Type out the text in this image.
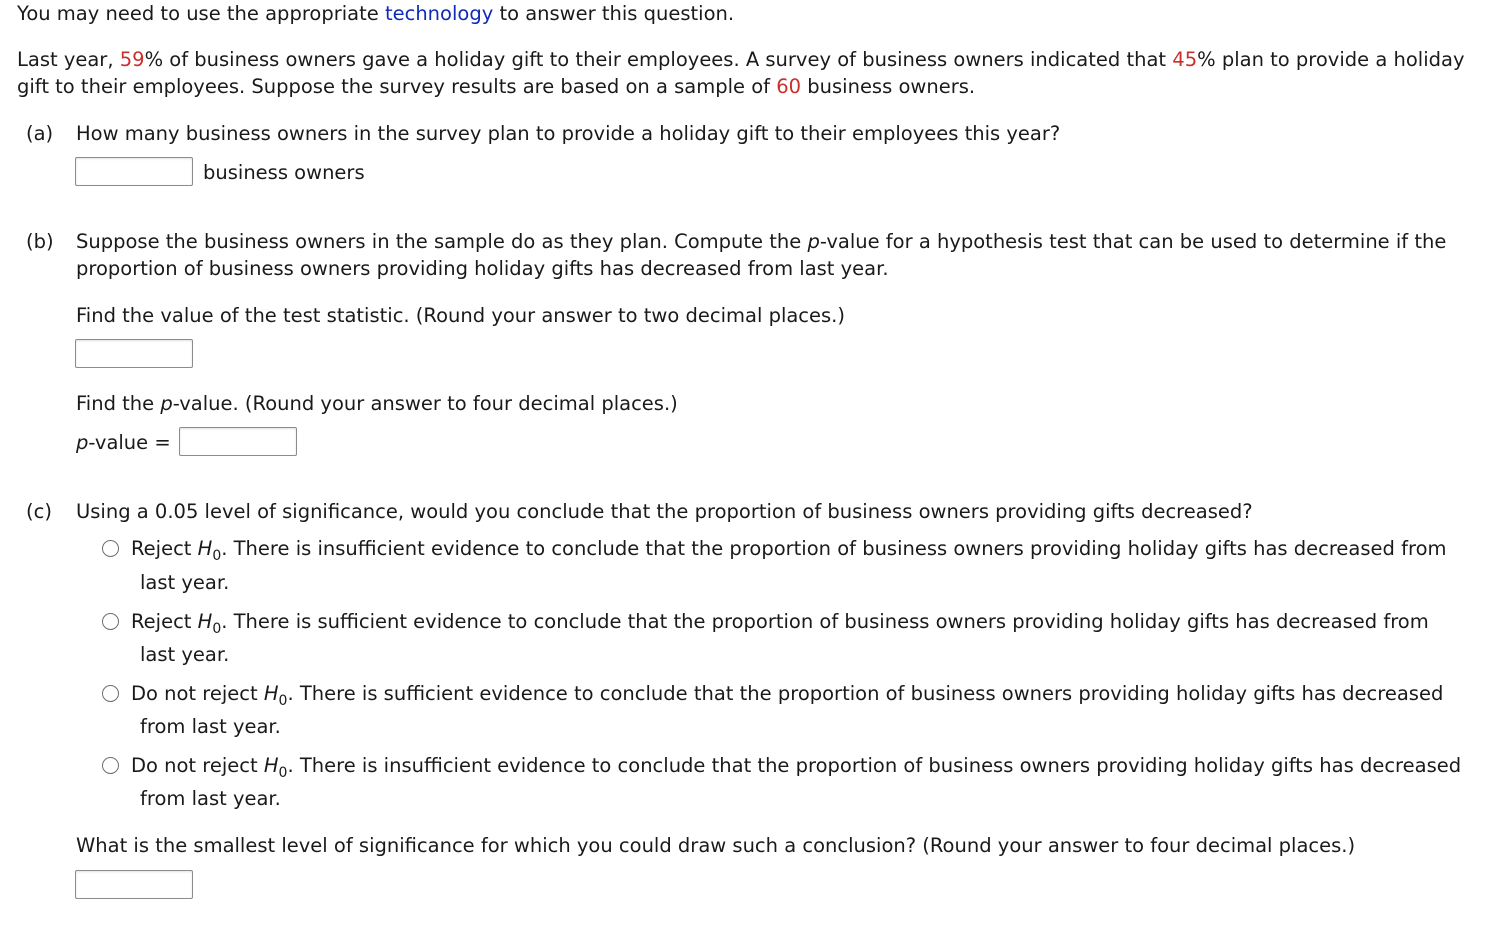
You may need to use the appropriate technology to answer this question.
Last year, 59% of business owners gave a holiday gift to their employees. A survey of business owners indicated that 45% plan to provide a holiday
gift to their employees. Suppose the survey results are based on a sample of 60 business owners.
(a) How many business owners in the survey plan to provide a holiday gift to their employees this year?
business owners
(b) Suppose the business owners in the sample do as they plan. Compute the p-value for a hypothesis test that can be used to determine if the
proportion of business owners providing holiday gifts has decreased from last year.
Find the value of the test statistic. (Round your answer to two decimal places.)
Find the p-value. (Round your answer to four decimal places.)
p-value =
(c) Using a 0.05 level of significance, would you conclude that the proportion of business owners providing gifts decreased?
Reject $H_0$. There is insufficient evidence to conclude that the proportion of business owners providing holiday gifts has decreased from
last year.
Reject $H_0$. There is sufficient evidence to conclude that the proportion of business owners providing holiday gifts has decreased from
last year.
Do not reject $H_0$. There is sufficient evidence to conclude that the proportion of business owners providing holiday gifts has decreased
from last year.
Do not reject $H_0$. There is insufficient evidence to conclude that the proportion of business owners providing holiday gifts has decreased
from last year.
What is the smallest level of significance for which you could draw such a conclusion? (Round your answer to four decimal places.)
